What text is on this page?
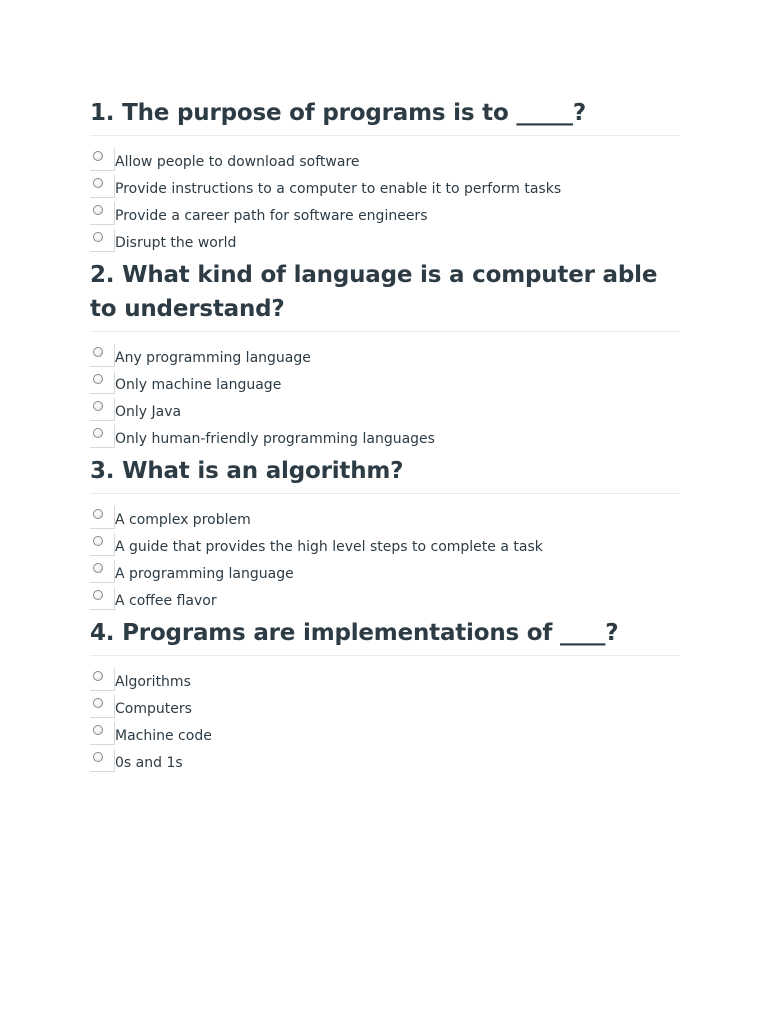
1. The purpose of programs is to _____?
Allow people to download software
Provide instructions to a computer to enable it to perform tasks
Provide a career path for software engineers
Disrupt the world
2. What kind of language is a computer able to understand?
Any programming language
Only machine language
Only Java
Only human-friendly programming languages
3. What is an algorithm?
A complex problem
A guide that provides the high level steps to complete a task
A programming language
A coffee flavor
4. Programs are implementations of ____?
Algorithms
Computers
Machine code
0s and 1s
